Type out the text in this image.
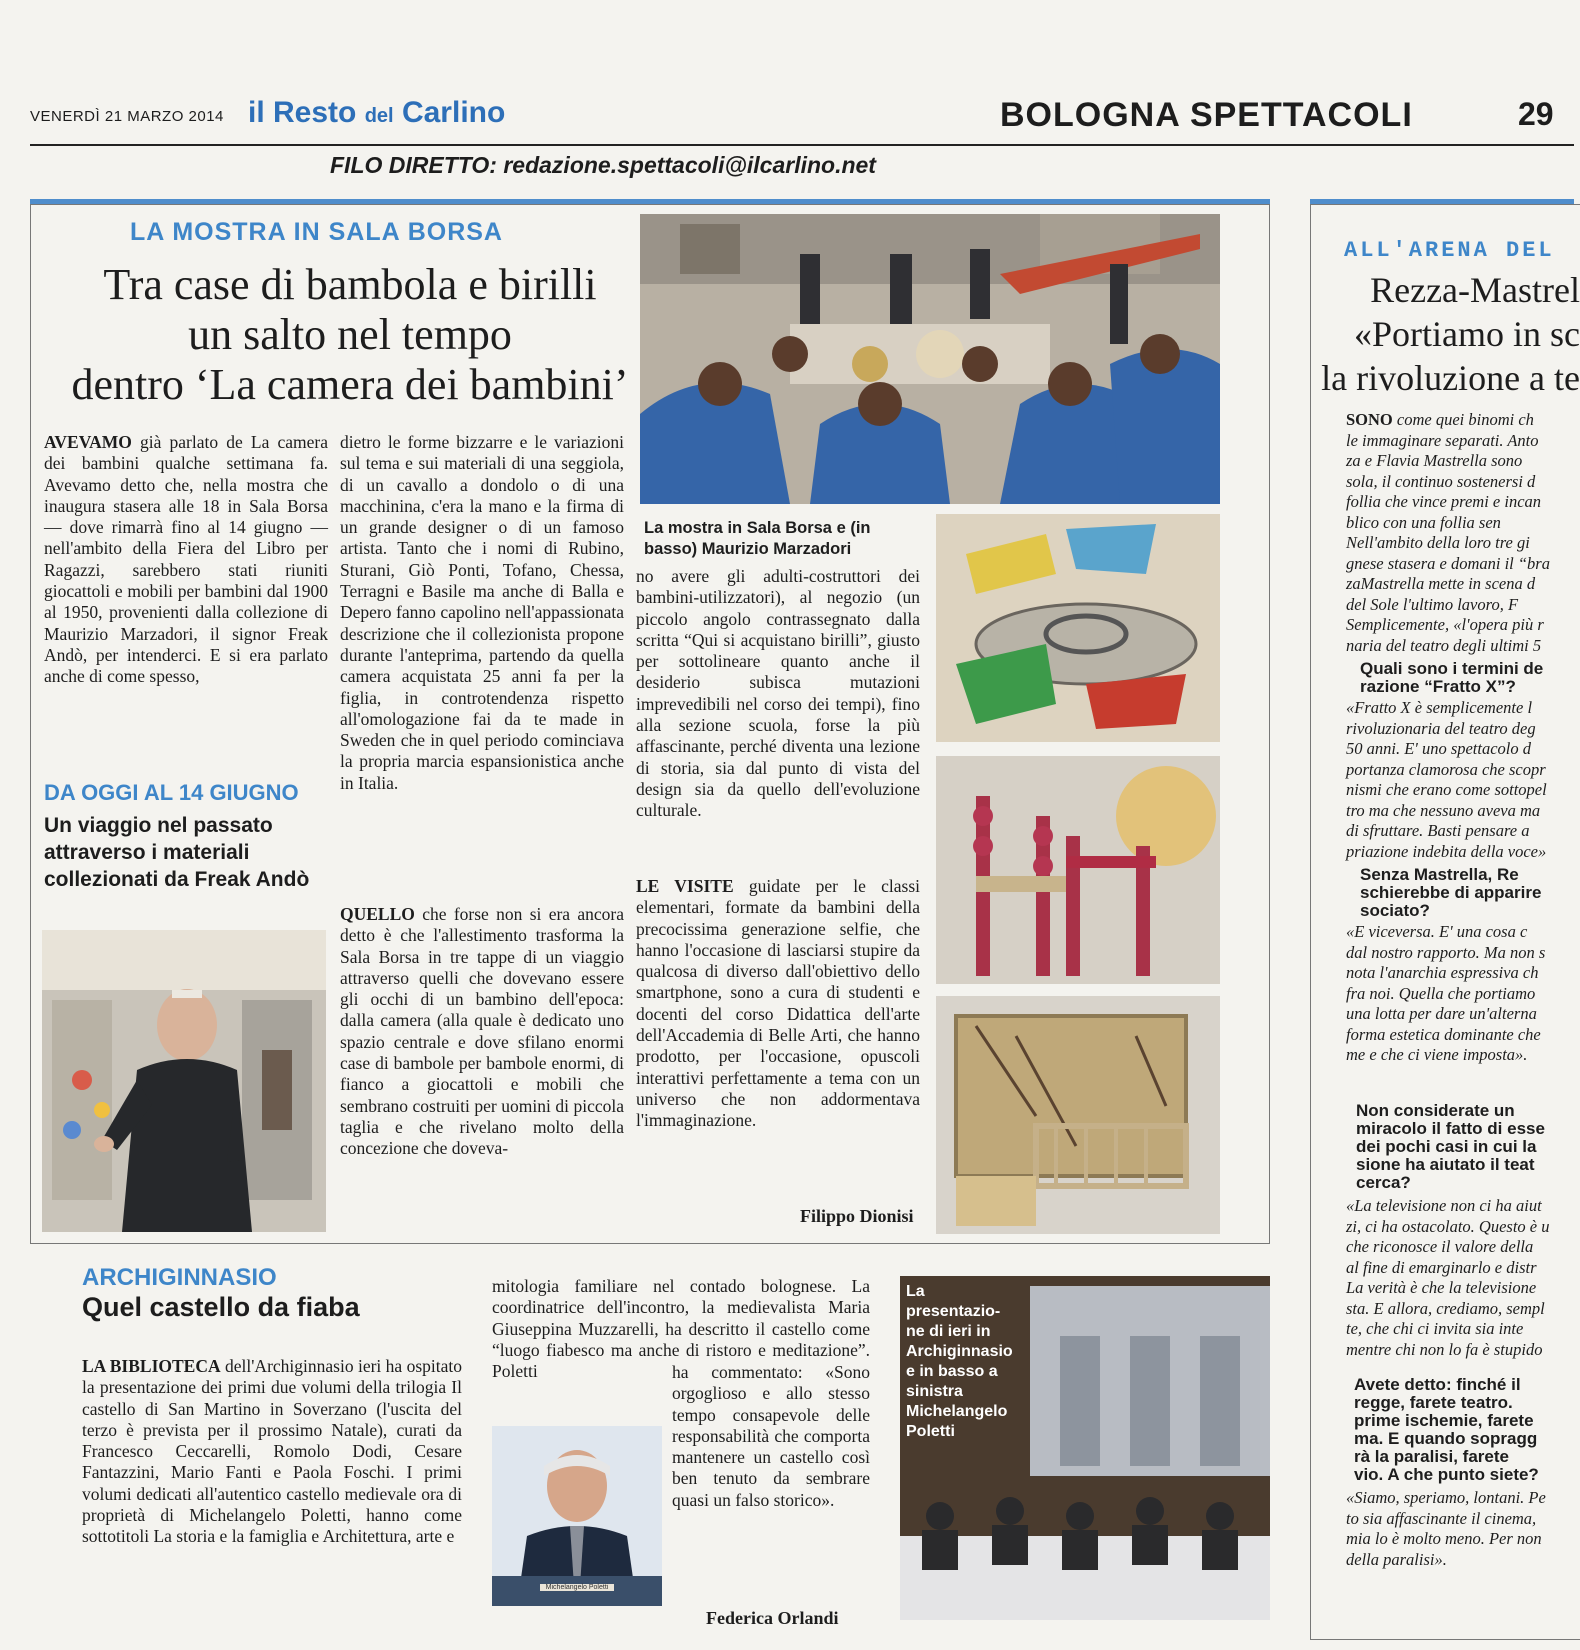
VENERDÌ 21 MARZO 2014 il Resto del Carlino	BOLOGNA SPETTACOLI	29
FILO DIRETTO: redazione.spettacoli@ilcarlino.net
LA MOSTRA IN SALA BORSA
Tra case di bambola e birilli
un salto nel tempo
dentro ‘La camera dei bambini’
AVEVAMO già parlato de La camera dei bambini qualche settimana fa. Avevamo detto che, nella mostra che inaugura stasera alle 18 in Sala Borsa — dove rimarrà fino al 14 giugno — nell'ambito della Fiera del Libro per Ragazzi, sarebbero stati riuniti giocattoli e mobili per bambini dal 1900 al 1950, provenienti dalla collezione di Maurizio Marzadori, il signor Freak Andò, per intenderci. E si era parlato anche di come spesso,
DA OGGI AL 14 GIUGNO
Un viaggio nel passato
attraverso i materiali
collezionati da Freak Andò
dietro le forme bizzarre e le variazioni sul tema e sui materiali di una seggiola, di un cavallo a dondolo o di una macchinina, c'era la mano e la firma di un grande designer o di un famoso artista. Tanto che i nomi di Rubino, Sturani, Giò Ponti, Tofano, Chessa, Terragni e Basile ma anche di Balla e Depero fanno capolino nell'appassionata descrizione che il collezionista propone durante l'anteprima, partendo da quella camera acquistata 25 anni fa per la figlia, in controtendenza rispetto all'omologazione fai da te made in Sweden che in quel periodo cominciava la propria marcia espansionistica anche in Italia.
QUELLO che forse non si era ancora detto è che l'allestimento trasforma la Sala Borsa in tre tappe di un viaggio attraverso quelli che dovevano essere gli occhi di un bambino dell'epoca: dalla camera (alla quale è dedicato uno spazio centrale e dove sfilano enormi case di bambole per bambole enormi, di fianco a giocattoli e mobili che sembrano costruiti per uomini di piccola taglia e che rivelano molto della concezione che doveva-
La mostra in Sala Borsa e (in basso) Maurizio Marzadori
no avere gli adulti-costruttori dei bambini-utilizzatori), al negozio (un piccolo angolo contrassegnato dalla scritta “Qui si acquistano birilli”, giusto per sottolineare quanto anche il desiderio subisca mutazioni imprevedibili nel corso dei tempi), fino alla sezione scuola, forse la più affascinante, perché diventa una lezione di storia, sia dal punto di vista del design sia da quello dell'evoluzione culturale.
LE VISITE guidate per le classi elementari, formate da bambini della precocissima generazione selfie, che hanno l'occasione di lasciarsi stupire da qualcosa di diverso dall'obiettivo dello smartphone, sono a cura di studenti e docenti del corso Didattica dell'arte dell'Accademia di Belle Arti, che hanno prodotto, per l'occasione, opuscoli interattivi perfettamente a tema con un universo che non addormentava l'immaginazione.
Filippo Dionisi
ARCHIGINNASIO
Quel castello da fiaba
LA BIBLIOTECA dell'Archiginnasio ieri ha ospitato la presentazione dei primi due volumi della trilogia Il castello di San Martino in Soverzano (l'uscita del terzo è prevista per il prossimo Natale), curati da Francesco Ceccarelli, Romolo Dodi, Cesare Fantazzini, Mario Fanti e Paola Foschi. I primi volumi dedicati all'autentico castello medievale ora di proprietà di Michelangelo Poletti, hanno come sottotitoli La storia e la famiglia e Architettura, arte e
mitologia familiare nel contado bolognese. La coordinatrice dell'incontro, la medievalista Maria Giuseppina Muzzarelli, ha descritto il castello come “luogo fiabesco ma anche di ristoro e meditazione”. Poletti	ha commentato: «Sono orgoglioso e allo stesso tempo consapevole delle responsabilità che comporta mantenere un castello così ben tenuto da sembrare quasi un falso storico».
Federica Orlandi
Michelangelo Poletti
La
presentazio-
ne di ieri in
Archiginnasio
e in basso a
sinistra
Michelangelo
Poletti
ALL'ARENA DEL
Rezza-Mastrel
«Portiamo in sc
la rivoluzione a te
SONO come quei binomi ch
le immaginare separati. Anto
za e Flavia Mastrella sono
sola, il continuo sostenersi d
follia che vince premi e incan
blico con una follia sen
Nell'ambito della loro tre gi
gnese stasera e domani il “bra
zaMastrella mette in scena d
del Sole l'ultimo lavoro, F
Semplicemente, «l'opera più r
naria del teatro degli ultimi 5
Quali sono i termini de
razione “Fratto X”?
«Fratto X è semplicemente l
rivoluzionaria del teatro deg
50 anni. E' uno spettacolo d
portanza clamorosa che scopr
nismi che erano come sottopel
tro ma che nessuno aveva ma
di sfruttare. Basti pensare a
priazione indebita della voce»
Senza Mastrella, Re
schierebbe di apparire
sociato?
«E viceversa. E' una cosa c
dal nostro rapporto. Ma non s
nota l'anarchia espressiva ch
fra noi. Quella che portiamo
una lotta per dare un'alterna
forma estetica dominante che
me e che ci viene imposta».
Non considerate un
miracolo il fatto di esse
dei pochi casi in cui la
sione ha aiutato il teat
cerca?
«La televisione non ci ha aiut
zi, ci ha ostacolato. Questo è u
che riconosce il valore della
al fine di emarginarlo e distr
La verità è che la televisione
sta. E allora, crediamo, sempl
te, che chi ci invita sia inte
mentre chi non lo fa è stupido
Avete detto: finché il
regge, farete teatro.
prime ischemie, farete
ma. E quando sopragg
rà la paralisi, farete
vio. A che punto siete?
«Siamo, speriamo, lontani. Pe
to sia affascinante il cinema,
mia lo è molto meno. Per non
della paralisi».
